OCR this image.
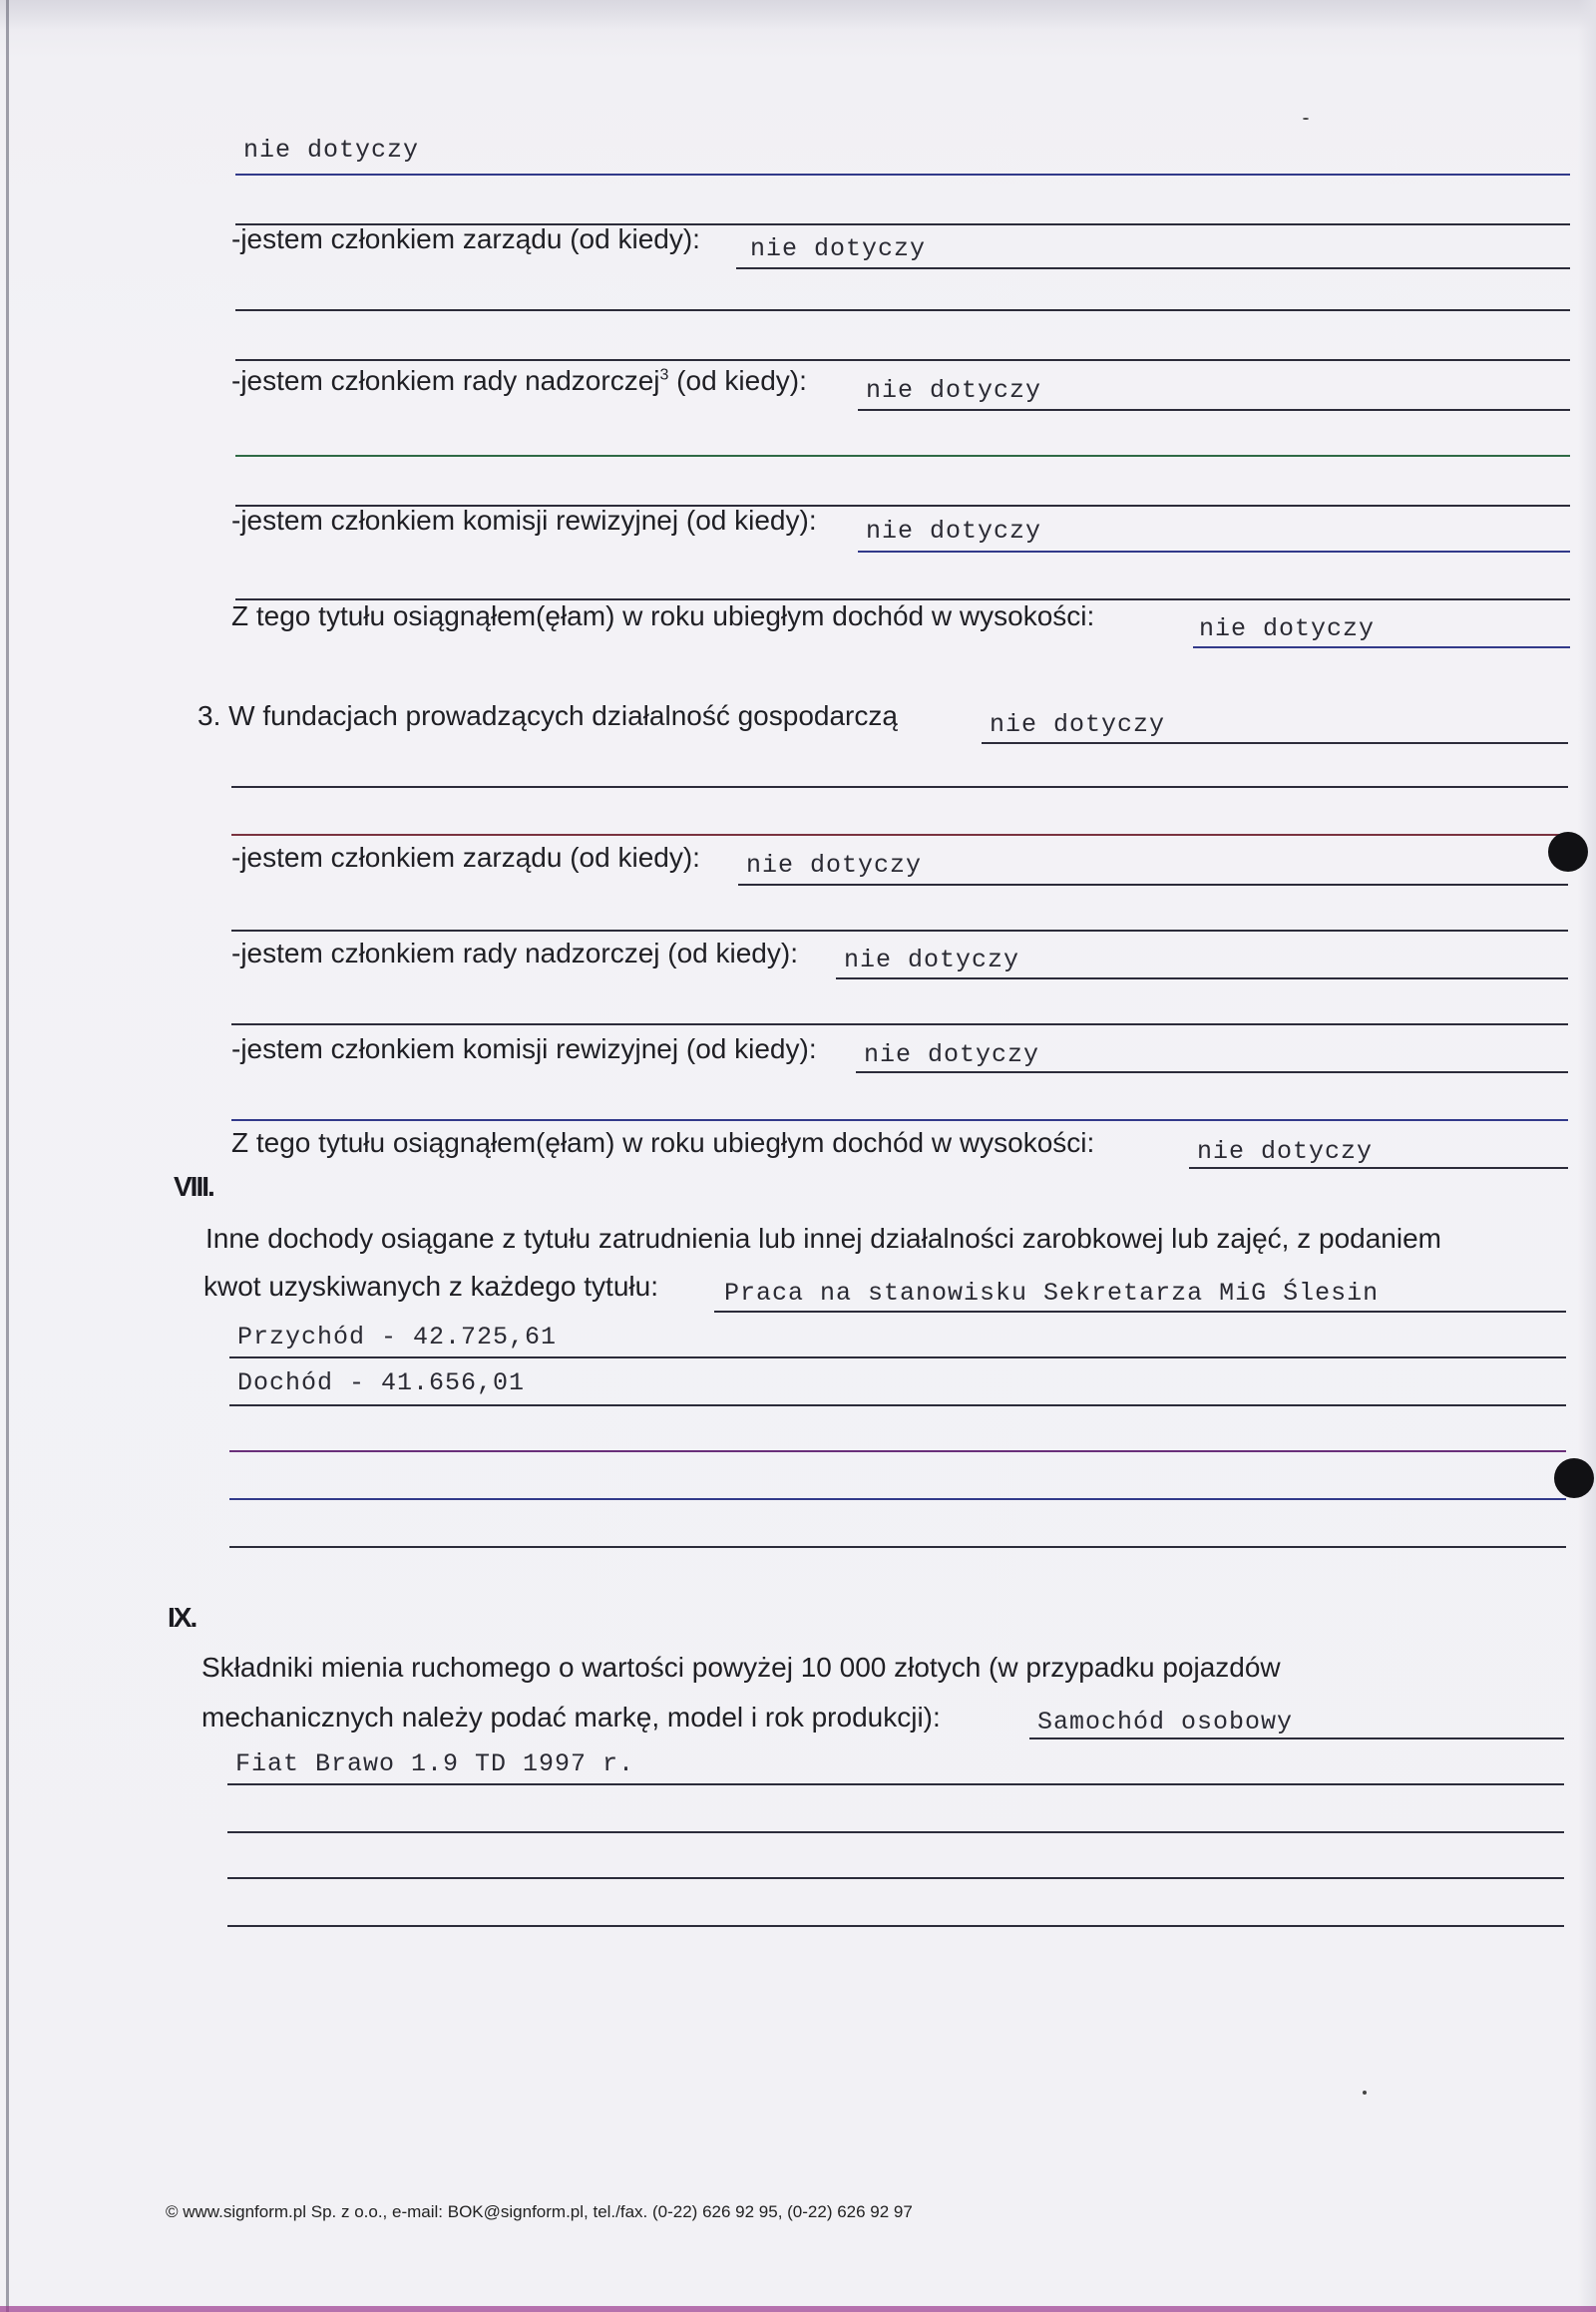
nie dotyczy
-jestem członkiem zarządu (od kiedy): nie dotyczy
-jestem członkiem rady nadzorczej$^3$ (od kiedy): nie dotyczy
-jestem członkiem komisji rewizyjnej (od kiedy): nie dotyczy
Z tego tytułu osiągnąłem(ęłam) w roku ubiegłym dochód w wysokości:	nie dotyczy
3. W fundacjach prowadzących działalność gospodarczą	nie dotyczy
-jestem członkiem zarządu (od kiedy): nie dotyczy
-jestem członkiem rady nadzorczej (od kiedy): nie dotyczy
-jestem członkiem komisji rewizyjnej (od kiedy): nie dotyczy
Z tego tytułu osiągnąłem(ęłam) w roku ubiegłym dochód w wysokości:	nie dotyczy
VIII.
Inne dochody osiągane z tytułu zatrudnienia lub innej działalności zarobkowej lub zajęć, z podaniem
kwot uzyskiwanych z każdego tytułu:	Praca na stanowisku Sekretarza MiG Ślesin
Przychód - 42.725,61
Dochód - 41.656,01
IX.
Składniki mienia ruchomego o wartości powyżej 10 000 złotych (w przypadku pojazdów
mechanicznych należy podać markę, model i rok produkcji):	Samochód osobowy
Fiat Brawo 1.9 TD 1997 r.
© www.signform.pl Sp. z o.o., e-mail: BOK@signform.pl, tel./fax. (0-22) 626 92 95, (0-22) 626 92 97
